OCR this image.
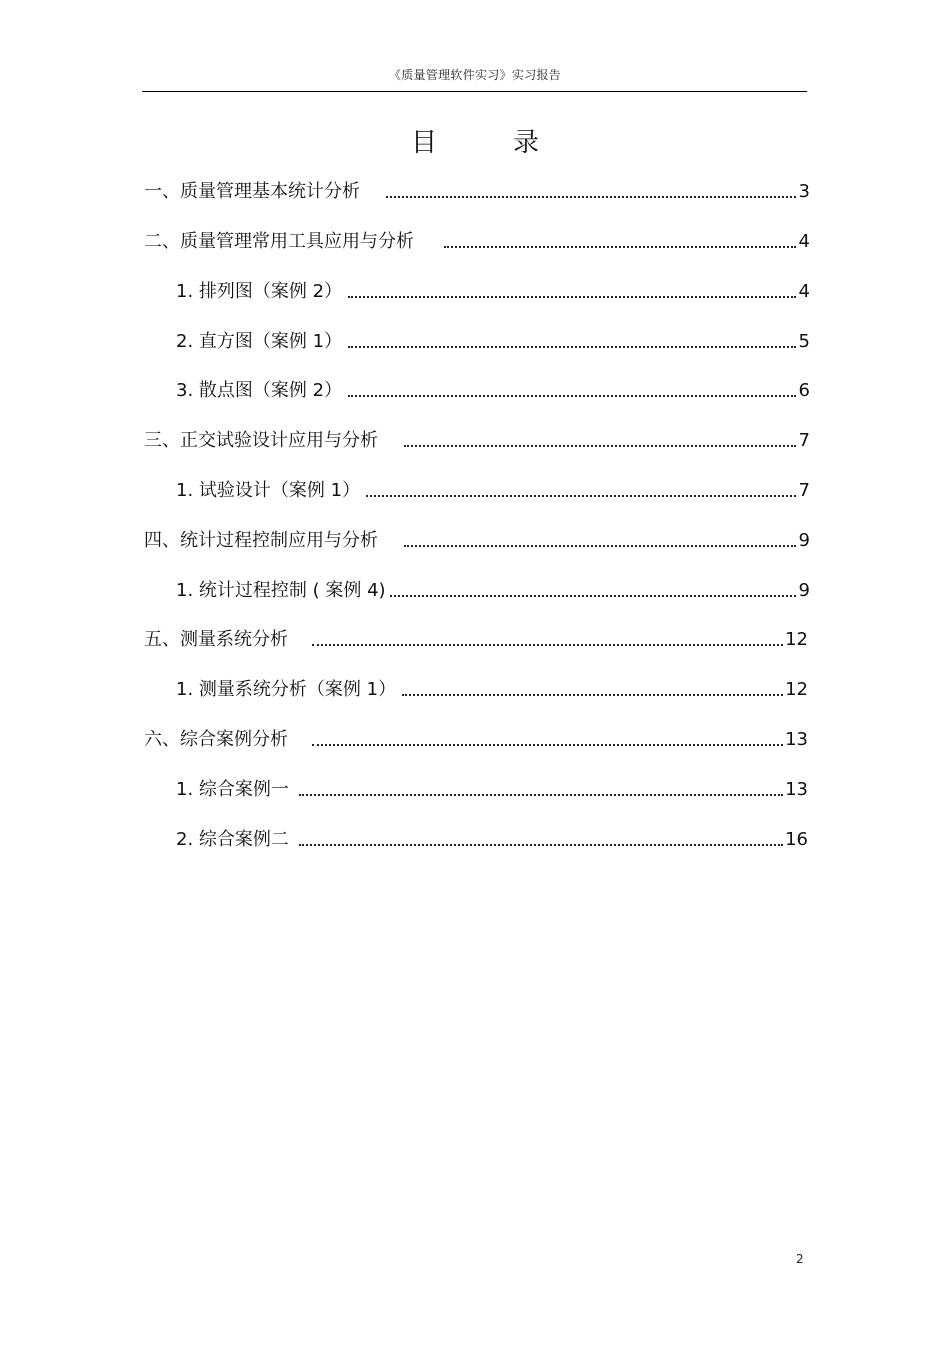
《质量管理软件实习》实习报告
目	录
一、质量管理基本统计分析	3
二、质量管理常用工具应用与分析	4
1. 排列图（案例 2）	4
2. 直方图（案例 1）	5
3. 散点图（案例 2）	6
三、正交试验设计应用与分析	7
1. 试验设计（案例 1）	7
四、统计过程控制应用与分析	9
1. 统计过程控制 ( 案例 4)	9
五、测量系统分析	12
1. 测量系统分析（案例 1）	12
六、综合案例分析	13
1. 综合案例一	13
2. 综合案例二	16
2
